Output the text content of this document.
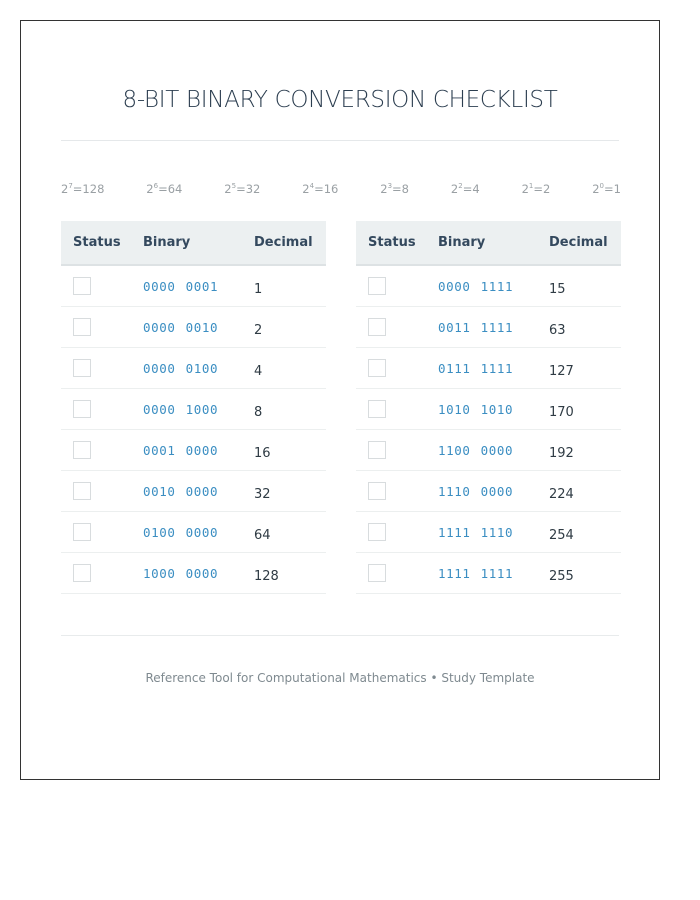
8-BIT BINARY CONVERSION CHECKLIST
$2^7=128$	$2^6=64$	$2^5=32$	$2^4=16$	$2^3=8$	$2^2=4$	$2^1=2$	$2^0=1$
Status	Binary	Decimal
0000 0001	1
0000 0010	2
0000 0100	4
0000 1000	8
0001 0000	16
0010 0000	32
0100 0000	64
1000 0000	128
Status	Binary	Decimal
0000 1111	15
0011 1111	63
0111 1111	127
1010 1010	170
1100 0000	192
1110 0000	224
1111 1110	254
1111 1111	255
Reference Tool for Computational Mathematics • Study Template
